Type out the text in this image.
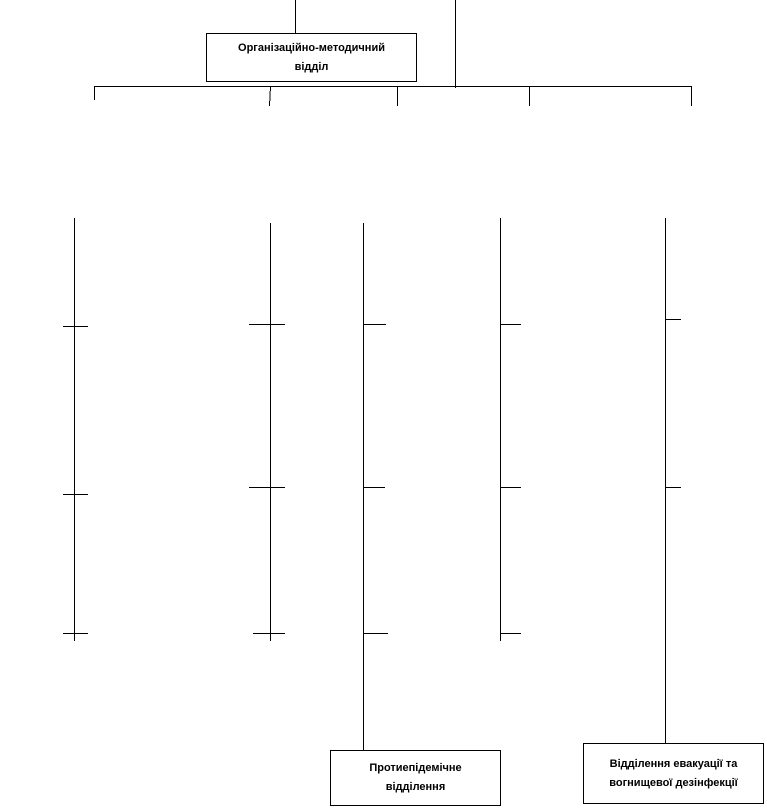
Організаційно-методичний
відділ
Протиепідемічне
відділення
Відділення евакуації та
вогнищевої дезінфекції
